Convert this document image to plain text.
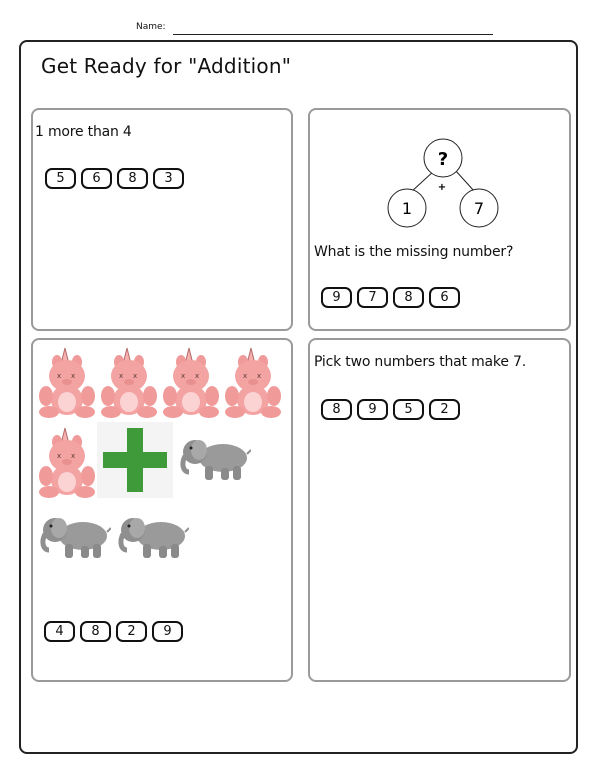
Name:
Get Ready for "Addition"
1 more than 4
5	6	8	3
?
1	7
+
What is the missing number?
9	7	8	6
4	8	2	9
Pick two numbers that make 7.
8	9	5	2
